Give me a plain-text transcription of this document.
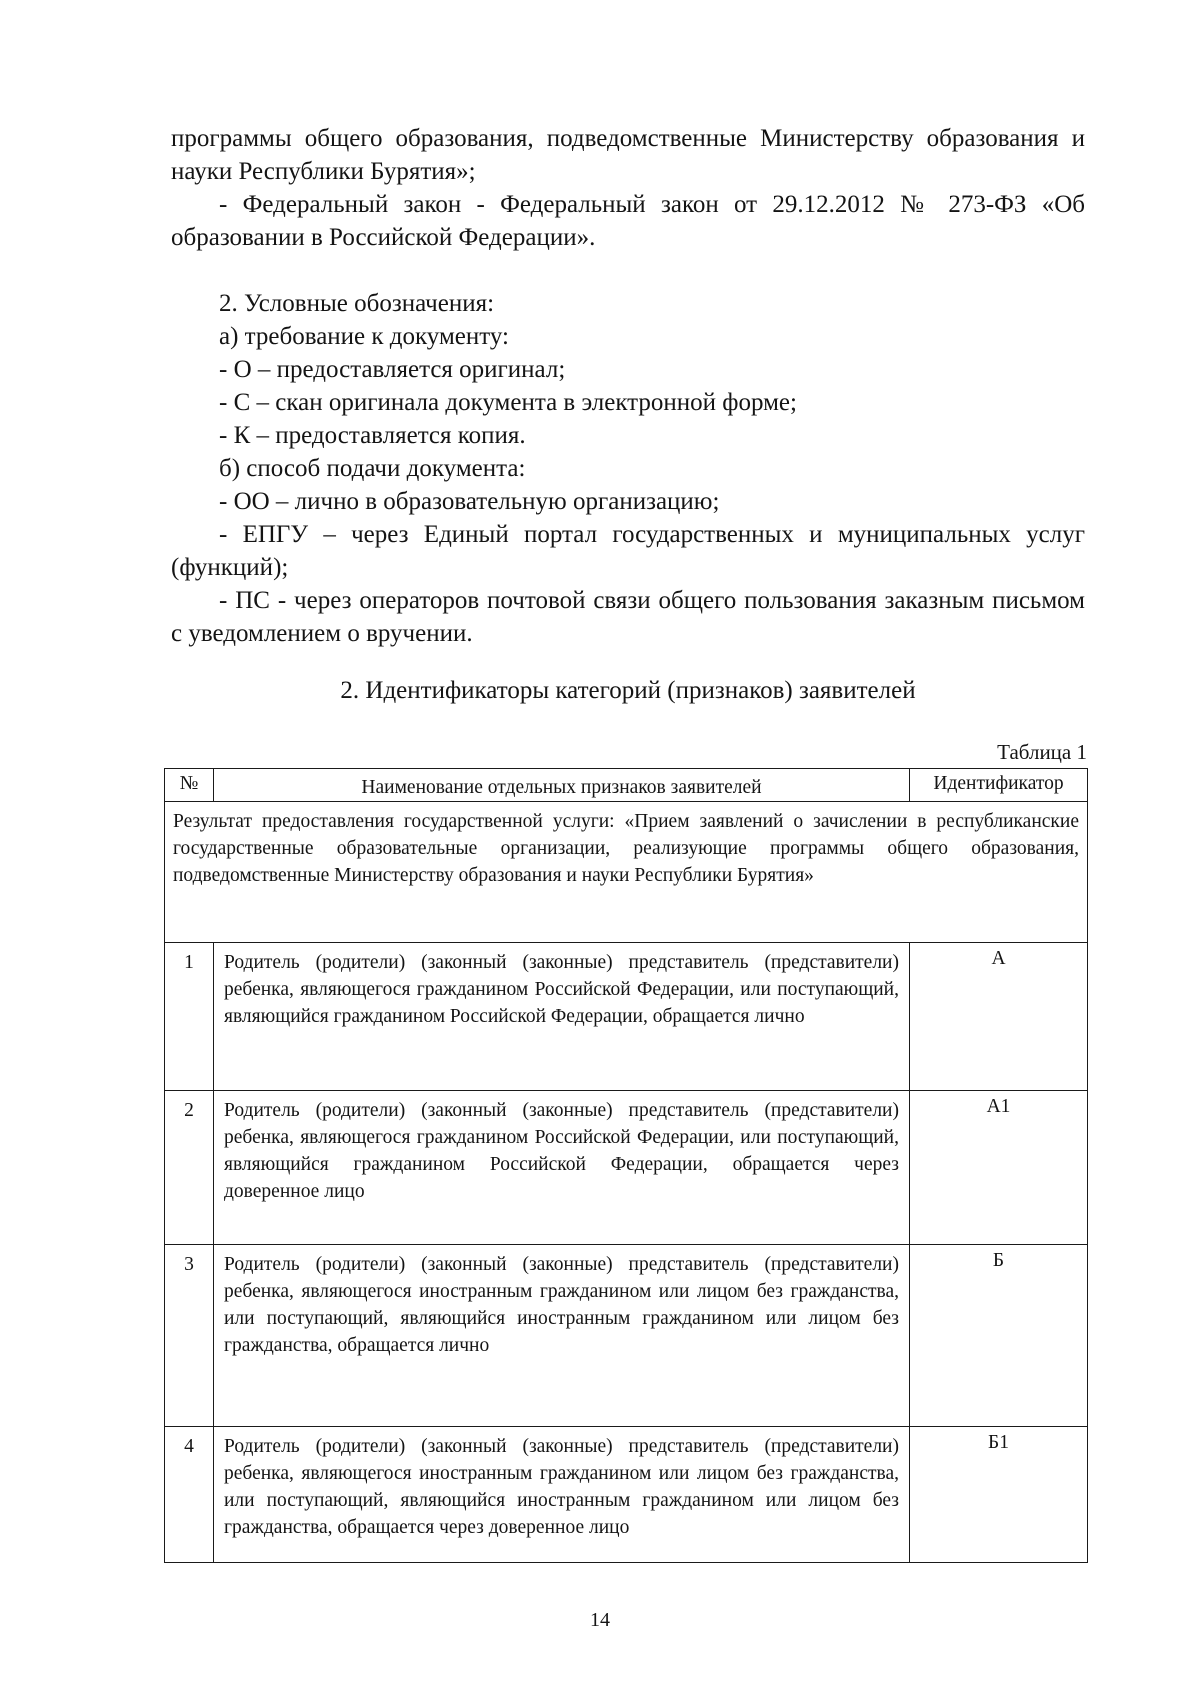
программы общего образования, подведомственные Министерству образования и науки Республики Бурятия»;

- Федеральный закон - Федеральный закон от 29.12.2012 № 273-ФЗ «Об образовании в Российской Федерации».

2. Условные обозначения:

а) требование к документу:

- О – предоставляется оригинал;

- С – скан оригинала документа в электронной форме;

- К – предоставляется копия.

б) способ подачи документа:

- ОО – лично в образовательную организацию;

- ЕПГУ – через Единый портал государственных и муниципальных услуг (функций);

- ПС - через операторов почтовой связи общего пользования заказным письмом с уведомлением о вручении.

2. Идентификаторы категорий (признаков) заявителей
Таблица 1
№	Наименование отдельных признаков заявителей	Идентификатор
Результат предоставления государственной услуги: «Прием заявлений о зачислении в республиканские государственные образовательные организации, реализующие программы общего образования, подведомственные Министерству образования и науки Республики Бурятия»		
1	Родитель (родители) (законный (законные) представитель (представители) ребенка, являющегося гражданином Российской Федерации, или поступающий, являющийся гражданином Российской Федерации, обращается лично	А
2	Родитель (родители) (законный (законные) представитель (представители) ребенка, являющегося гражданином Российской Федерации, или поступающий, являющийся гражданином Российской Федерации, обращается через доверенное лицо	А1
3	Родитель (родители) (законный (законные) представитель (представители) ребенка, являющегося иностранным гражданином или лицом без гражданства, или поступающий, являющийся иностранным гражданином или лицом без гражданства, обращается лично	Б
4	Родитель (родители) (законный (законные) представитель (представители) ребенка, являющегося иностранным гражданином или лицом без гражданства, или поступающий, являющийся иностранным гражданином или лицом без гражданства, обращается через доверенное лицо	Б1
14
